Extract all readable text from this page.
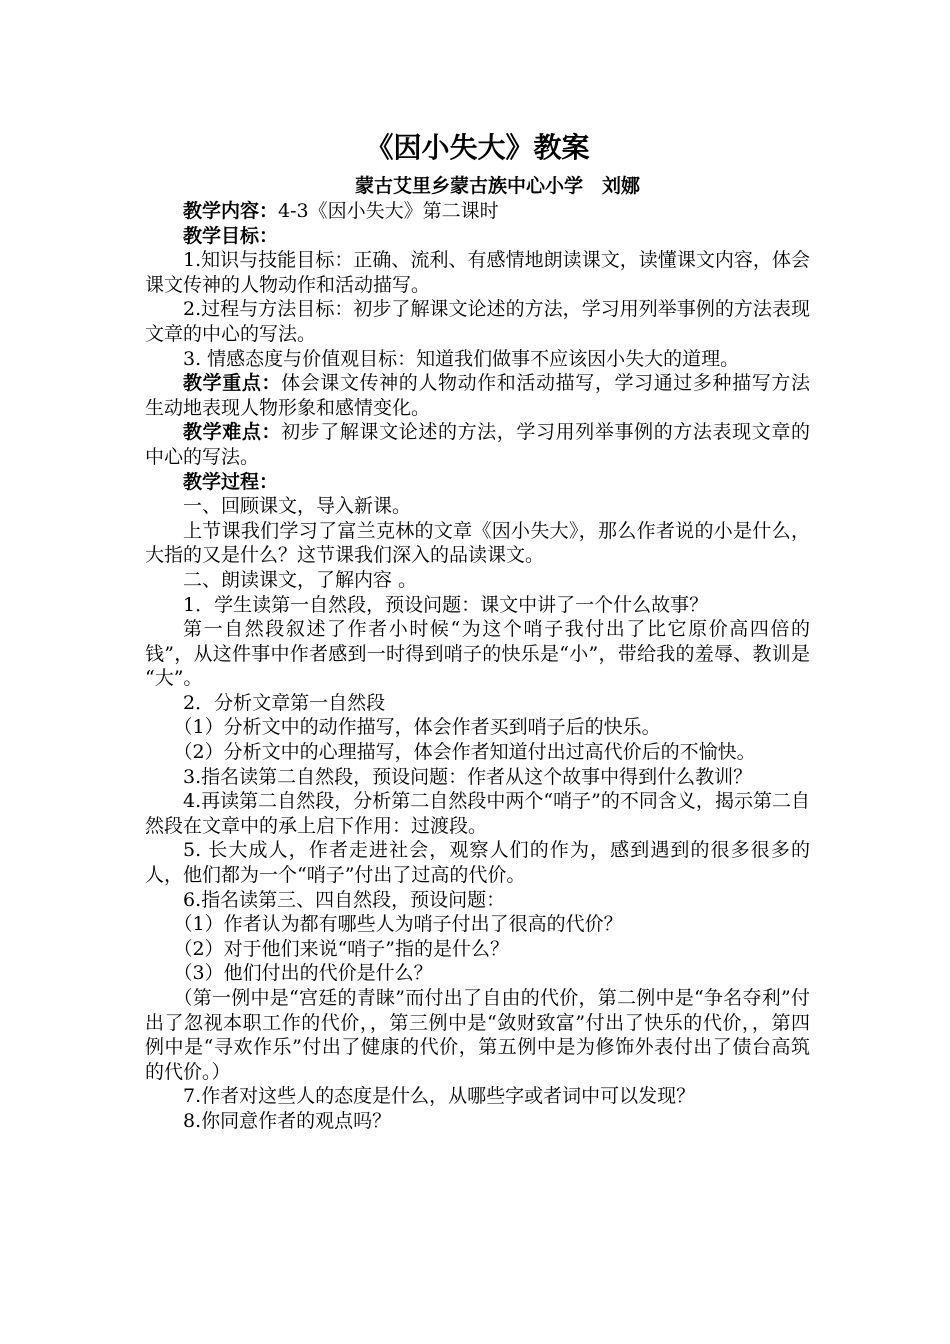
《因小失大》教案
蒙古艾里乡蒙古族中心小学　刘娜

教学内容：4-3《因小失大》第二课时

教学目标：

1.知识与技能目标：正确、流利、有感情地朗读课文，读懂课文内容，体会课文传神的人物动作和活动描写。

2.过程与方法目标：初步了解课文论述的方法，学习用列举事例的方法表现文章的中心的写法。

3. 情感态度与价值观目标：知道我们做事不应该因小失大的道理。

教学重点：体会课文传神的人物动作和活动描写，学习通过多种描写方法生动地表现人物形象和感情变化。

教学难点：初步了解课文论述的方法，学习用列举事例的方法表现文章的中心的写法。

教学过程：

一、回顾课文，导入新课。

上节课我们学习了富兰克林的文章《因小失大》，那么作者说的小是什么，大指的又是什么？这节课我们深入的品读课文。

二、朗读课文，了解内容 。

1．学生读第一自然段，预设问题：课文中讲了一个什么故事？

第一自然段叙述了作者小时候“为这个哨子我付出了比它原价高四倍的钱”，从这件事中作者感到一时得到哨子的快乐是“小”，带给我的羞辱、教训是 “大”。

2．分析文章第一自然段

（1）分析文中的动作描写，体会作者买到哨子后的快乐。

（2）分析文中的心理描写，体会作者知道付出过高代价后的不愉快。

3.指名读第二自然段，预设问题：作者从这个故事中得到什么教训？

4.再读第二自然段，分析第二自然段中两个“哨子”的不同含义，揭示第二自然段在文章中的承上启下作用：过渡段。

5. 长大成人，作者走进社会，观察人们的作为，感到遇到的很多很多的人，他们都为一个“哨子”付出了过高的代价。

6.指名读第三、四自然段，预设问题：

（1）作者认为都有哪些人为哨子付出了很高的代价？

（2）对于他们来说“哨子”指的是什么？

（3）他们付出的代价是什么？

（第一例中是“宫廷的青睐”而付出了自由的代价，第二例中是“争名夺利”付出了忽视本职工作的代价，，第三例中是“敛财致富”付出了快乐的代价，，第四例中是“寻欢作乐”付出了健康的代价，第五例中是为修饰外表付出了债台高筑的代价。）

7.作者对这些人的态度是什么，从哪些字或者词中可以发现？

8.你同意作者的观点吗？
